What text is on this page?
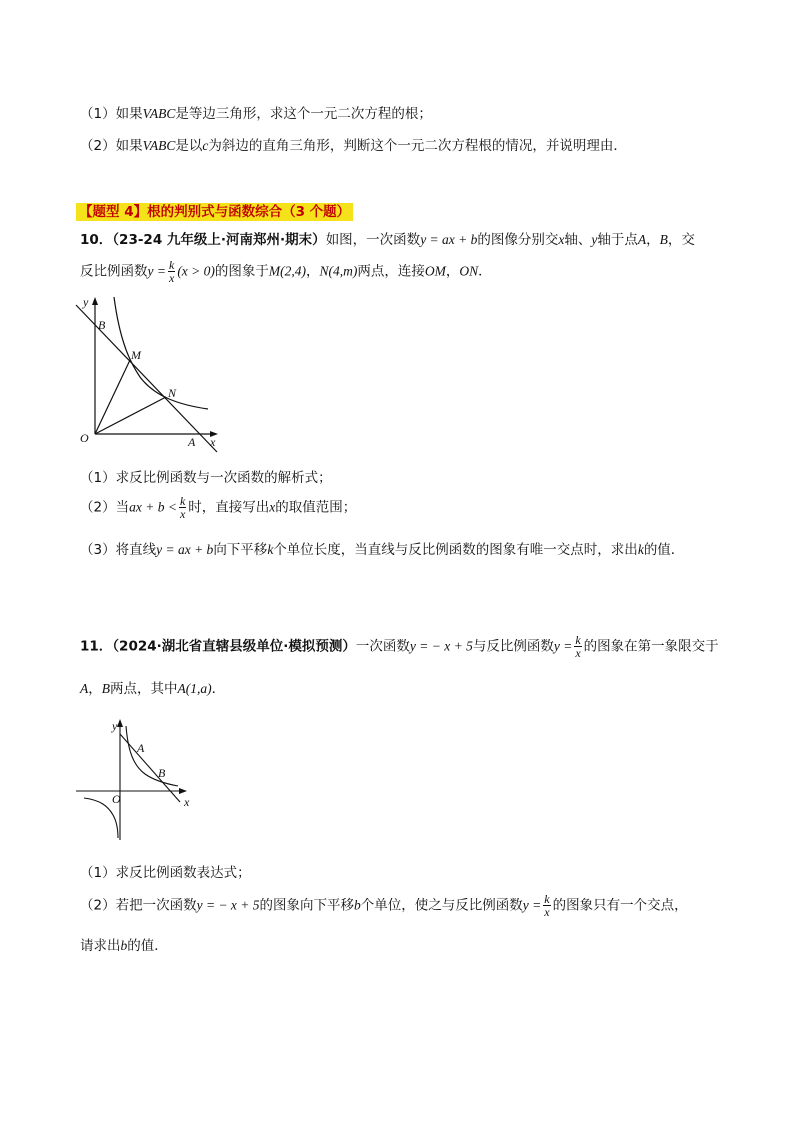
（1）如果VABC是等边三角形，求这个一元二次方程的根；
（2）如果VABC是以c为斜边的直角三角形，判断这个一元二次方程根的情况，并说明理由．
【题型 4】根的判别式与函数综合（3 个题）
10．（23-24 九年级上·河南郑州·期末）如图，一次函数y = ax + b的图像分别交x轴、y轴于点A，B，交
反比例函数$y = \frac{k}{x} (x > 0)$的图象于M(2,4)，N(4,m)两点，连接OM，ON．
y
B
M
N
O	A x
（1）求反比例函数与一次函数的解析式；
（2）当ax + $b < \frac{k}{x}$ 时，直接写出x的取值范围；
（3）将直线y = ax + b向下平移k个单位长度，当直线与反比例函数的图象有唯一交点时，求出k的值．
11．（2024·湖北省直辖县级单位·模拟预测）一次函数y = − x + 5与反比例函数$y = \frac{k}{x}$ 的图象在第一象限交于
A，B两点，其中A(1,a)．
y
A
B
O	x
（1）求反比例函数表达式；
（2）若把一次函数y = − x + 5的图象向下平移b个单位，使之与反比例函数$y = \frac{k}{x}$ 的图象只有一个交点，
请求出b的值．
